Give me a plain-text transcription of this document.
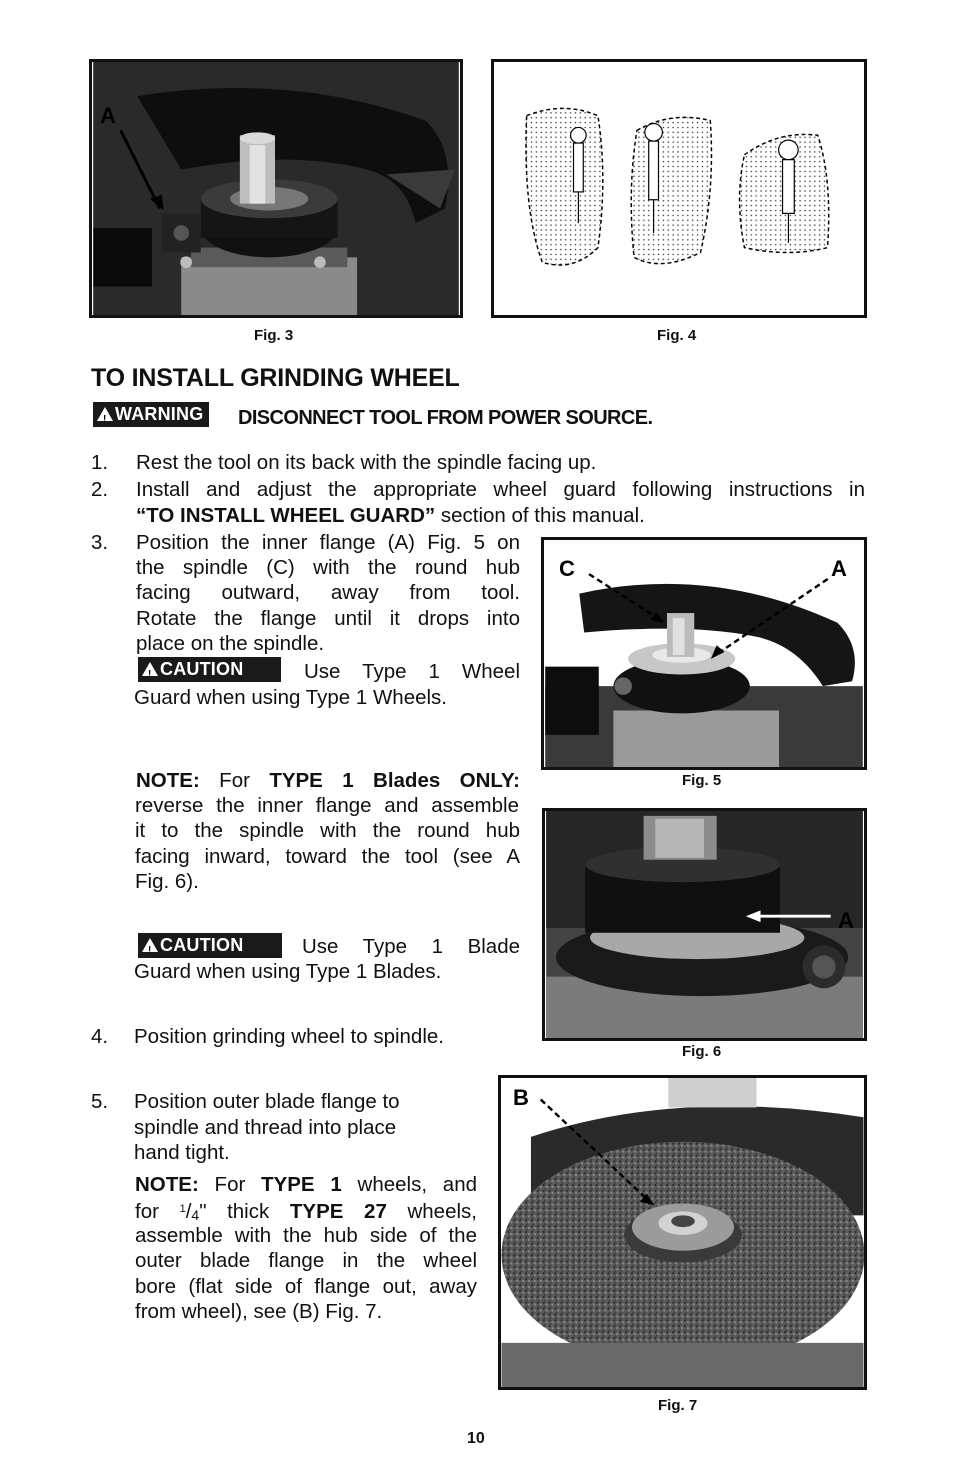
A
Fig. 3	Fig. 4
TO INSTALL GRINDING WHEEL
!WARNING	DISCONNECT TOOL FROM POWER SOURCE.
1. Rest the tool on its back with the spindle facing up.
2. Install and adjust the appropriate wheel guard following instructions in
“TO INSTALL WHEEL GUARD” section of this manual.
3. Position the inner flange (A) Fig. 5 on
the spindle (C) with the round hub
facing outward, away from tool.
Rotate the flange until it drops into
place on the spindle.
!CAUTION	Use Type 1 Wheel
Guard when using Type 1 Wheels.
C	A
Fig. 5
NOTE: For TYPE 1 Blades ONLY:
reverse the inner flange and assemble
it to the spindle with the round hub
facing inward, toward the tool (see A
Fig. 6).
A
Fig. 6
!CAUTION	Use Type 1 Blade
Guard when using Type 1 Blades.
4. Position grinding wheel to spindle.
5. Position outer blade flange to
spindle and thread into place
hand tight.
NOTE: For TYPE 1 wheels, and
for $^1/_4$" thick TYPE 27 wheels,
assemble with the hub side of the
outer blade flange in the wheel
bore (flat side of flange out, away
from wheel), see (B) Fig. 7.
B
Fig. 7
10
